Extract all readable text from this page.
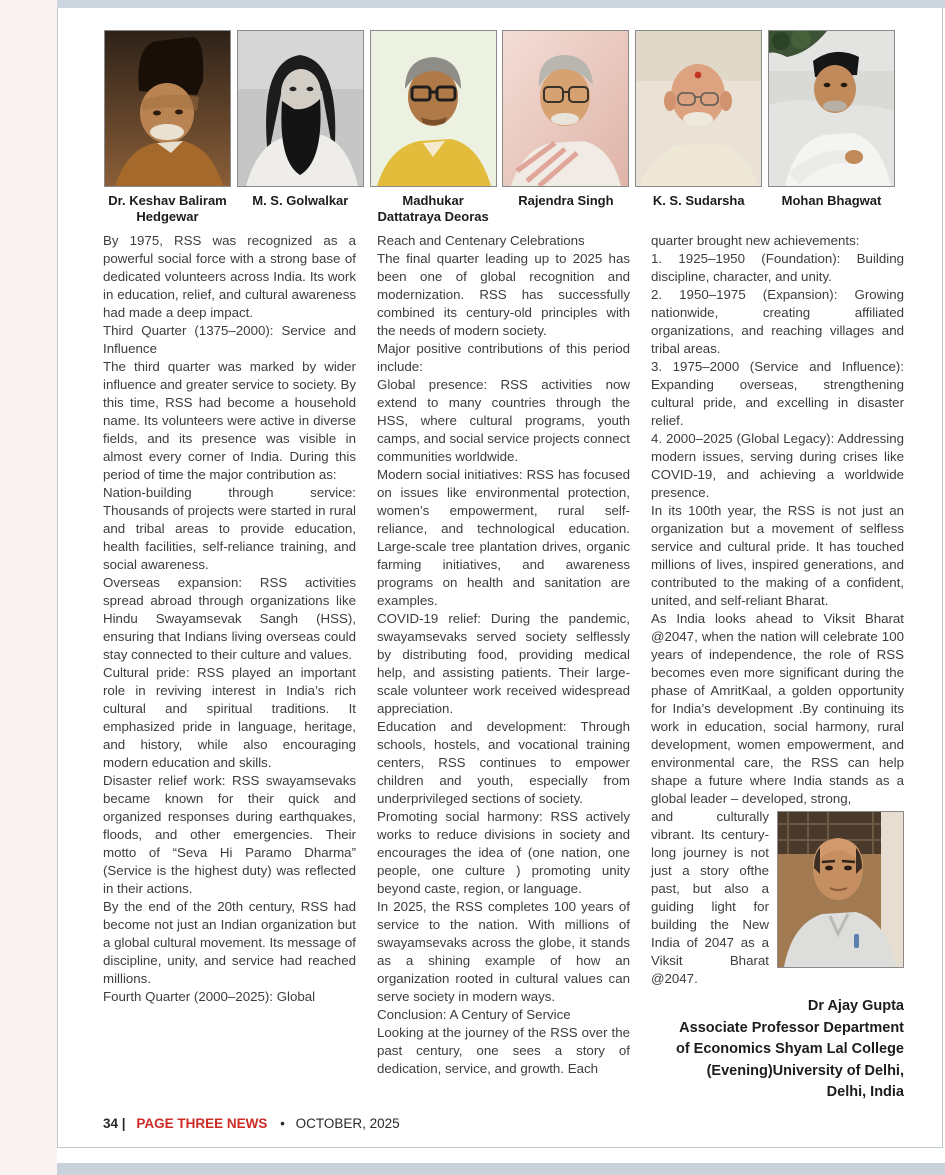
Dr. Keshav Baliram Hedgewar
M. S. Golwalkar	Madhukar Dattatraya Deoras
Rajendra Singh	K. S. Sudarsha	Mohan Bhagwat

By 1975, RSS was recognized as a powerful social force with a strong base of dedicated volunteers across India. Its work in education, relief, and cultural awareness had made a deep impact.

Third Quarter (1375–2000): Service and Influence

The third quarter was marked by wider influence and greater service to society. By this time, RSS had become a household name. Its volunteers were active in diverse fields, and its presence was visible in almost every corner of India. During this period of time the major contribution as:

Nation-building through service: Thousands of projects were started in rural and tribal areas to provide education, health facilities, self-reliance training, and social awareness.

Overseas expansion: RSS activities spread abroad through organizations like Hindu Swayamsevak Sangh (HSS), ensuring that Indians living overseas could stay connected to their culture and values.

Cultural pride: RSS played an important role in reviving interest in India’s rich cultural and spiritual traditions. It emphasized pride in language, heritage, and history, while also encouraging modern education and skills.

Disaster relief work: RSS swayamsevaks became known for their quick and organized responses during earthquakes, floods, and other emergencies. Their motto of “Seva Hi Paramo Dharma” (Service is the highest duty) was reflected in their actions.

By the end of the 20th century, RSS had become not just an Indian organization but a global cultural movement. Its message of discipline, unity, and service had reached millions.

Fourth Quarter (2000–2025): Global

Reach and Centenary Celebrations

The final quarter leading up to 2025 has been one of global recognition and modernization. RSS has successfully combined its century-old principles with the needs of modern society.

Major positive contributions of this period include:

Global presence: RSS activities now extend to many countries through the HSS, where cultural programs, youth camps, and social service projects connect communities worldwide.

Modern social initiatives: RSS has focused on issues like environmental protection, women’s empowerment, rural self-reliance, and technological education. Large-scale tree plantation drives, organic farming initiatives, and awareness programs on health and sanitation are examples.

COVID-19 relief: During the pandemic, swayamsevaks served society selflessly by distributing food, providing medical help, and assisting patients. Their large-scale volunteer work received widespread appreciation.

Education and development: Through schools, hostels, and vocational training centers, RSS continues to empower children and youth, especially from underprivileged sections of society.

Promoting social harmony: RSS actively works to reduce divisions in society and encourages the idea of (one nation, one people, one culture ) promoting unity beyond caste, region, or language.

In 2025, the RSS completes 100 years of service to the nation. With millions of swayamsevaks across the globe, it stands as a shining example of how an organization rooted in cultural values can serve society in modern ways.

Conclusion: A Century of Service

Looking at the journey of the RSS over the past century, one sees a story of dedication, service, and growth. Each

quarter brought new achievements:

1. 1925–1950 (Foundation): Building discipline, character, and unity.

2. 1950–1975 (Expansion): Growing nationwide, creating affiliated organizations, and reaching villages and tribal areas.

3. 1975–2000 (Service and Influence): Expanding overseas, strengthening cultural pride, and excelling in disaster relief.

4. 2000–2025 (Global Legacy): Addressing modern issues, serving during crises like COVID-19, and achieving a worldwide presence.

In its 100th year, the RSS is not just an organization but a movement of selfless service and cultural pride. It has touched millions of lives, inspired generations, and contributed to the making of a confident, united, and self-reliant Bharat.

As India looks ahead to Viksit Bharat @2047, when the nation will celebrate 100 years of independence, the role of RSS becomes even more significant during the phase of AmritKaal, a golden opportunity for India’s development .By continuing its work in education, social harmony, rural development, women empowerment, and environmental care, the RSS can help shape a future where India stands as a global leader – developed, strong,

and culturally vibrant. Its century-long journey is not just a story ofthe past, but also a guiding light for building the New India of 2047 as a Viksit Bharat @2047.

Dr Ajay Gupta
Associate Professor Department
of Economics Shyam Lal College
(Evening)University of Delhi,
Delhi, India
34 | PAGE THREE NEWS • OCTOBER, 2025
